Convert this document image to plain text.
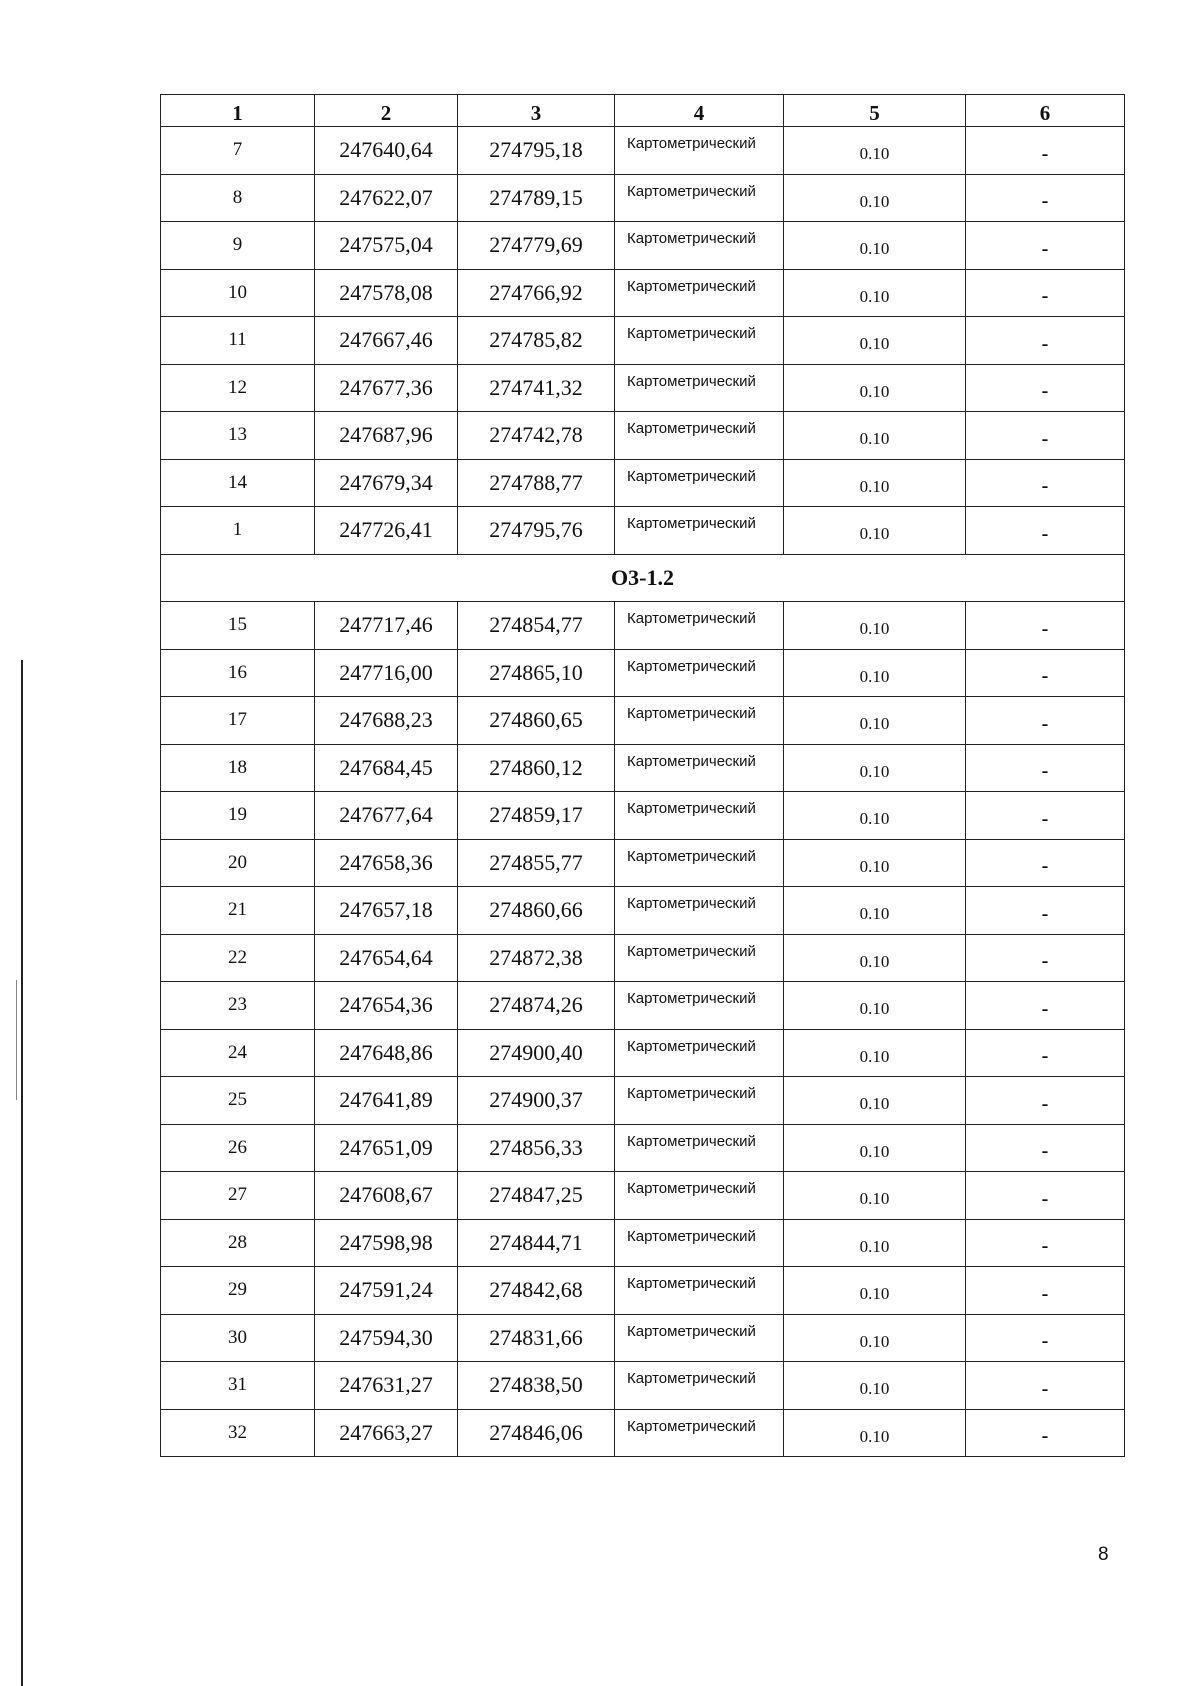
1	2	3	4	5	6
7	247640,64	274795,18	Картометрический	0.10	-
8	247622,07	274789,15	Картометрический	0.10	-
9	247575,04	274779,69	Картометрический	0.10	-
10	247578,08	274766,92	Картометрический	0.10	-
11	247667,46	274785,82	Картометрический	0.10	-
12	247677,36	274741,32	Картометрический	0.10	-
13	247687,96	274742,78	Картометрический	0.10	-
14	247679,34	274788,77	Картометрический	0.10	-
1	247726,41	274795,76	Картометрический	0.10	-
О3-1.2					
15	247717,46	274854,77	Картометрический	0.10	-
16	247716,00	274865,10	Картометрический	0.10	-
17	247688,23	274860,65	Картометрический	0.10	-
18	247684,45	274860,12	Картометрический	0.10	-
19	247677,64	274859,17	Картометрический	0.10	-
20	247658,36	274855,77	Картометрический	0.10	-
21	247657,18	274860,66	Картометрический	0.10	-
22	247654,64	274872,38	Картометрический	0.10	-
23	247654,36	274874,26	Картометрический	0.10	-
24	247648,86	274900,40	Картометрический	0.10	-
25	247641,89	274900,37	Картометрический	0.10	-
26	247651,09	274856,33	Картометрический	0.10	-
27	247608,67	274847,25	Картометрический	0.10	-
28	247598,98	274844,71	Картометрический	0.10	-
29	247591,24	274842,68	Картометрический	0.10	-
30	247594,30	274831,66	Картометрический	0.10	-
31	247631,27	274838,50	Картометрический	0.10	-
32	247663,27	274846,06	Картометрический	0.10	-
8
